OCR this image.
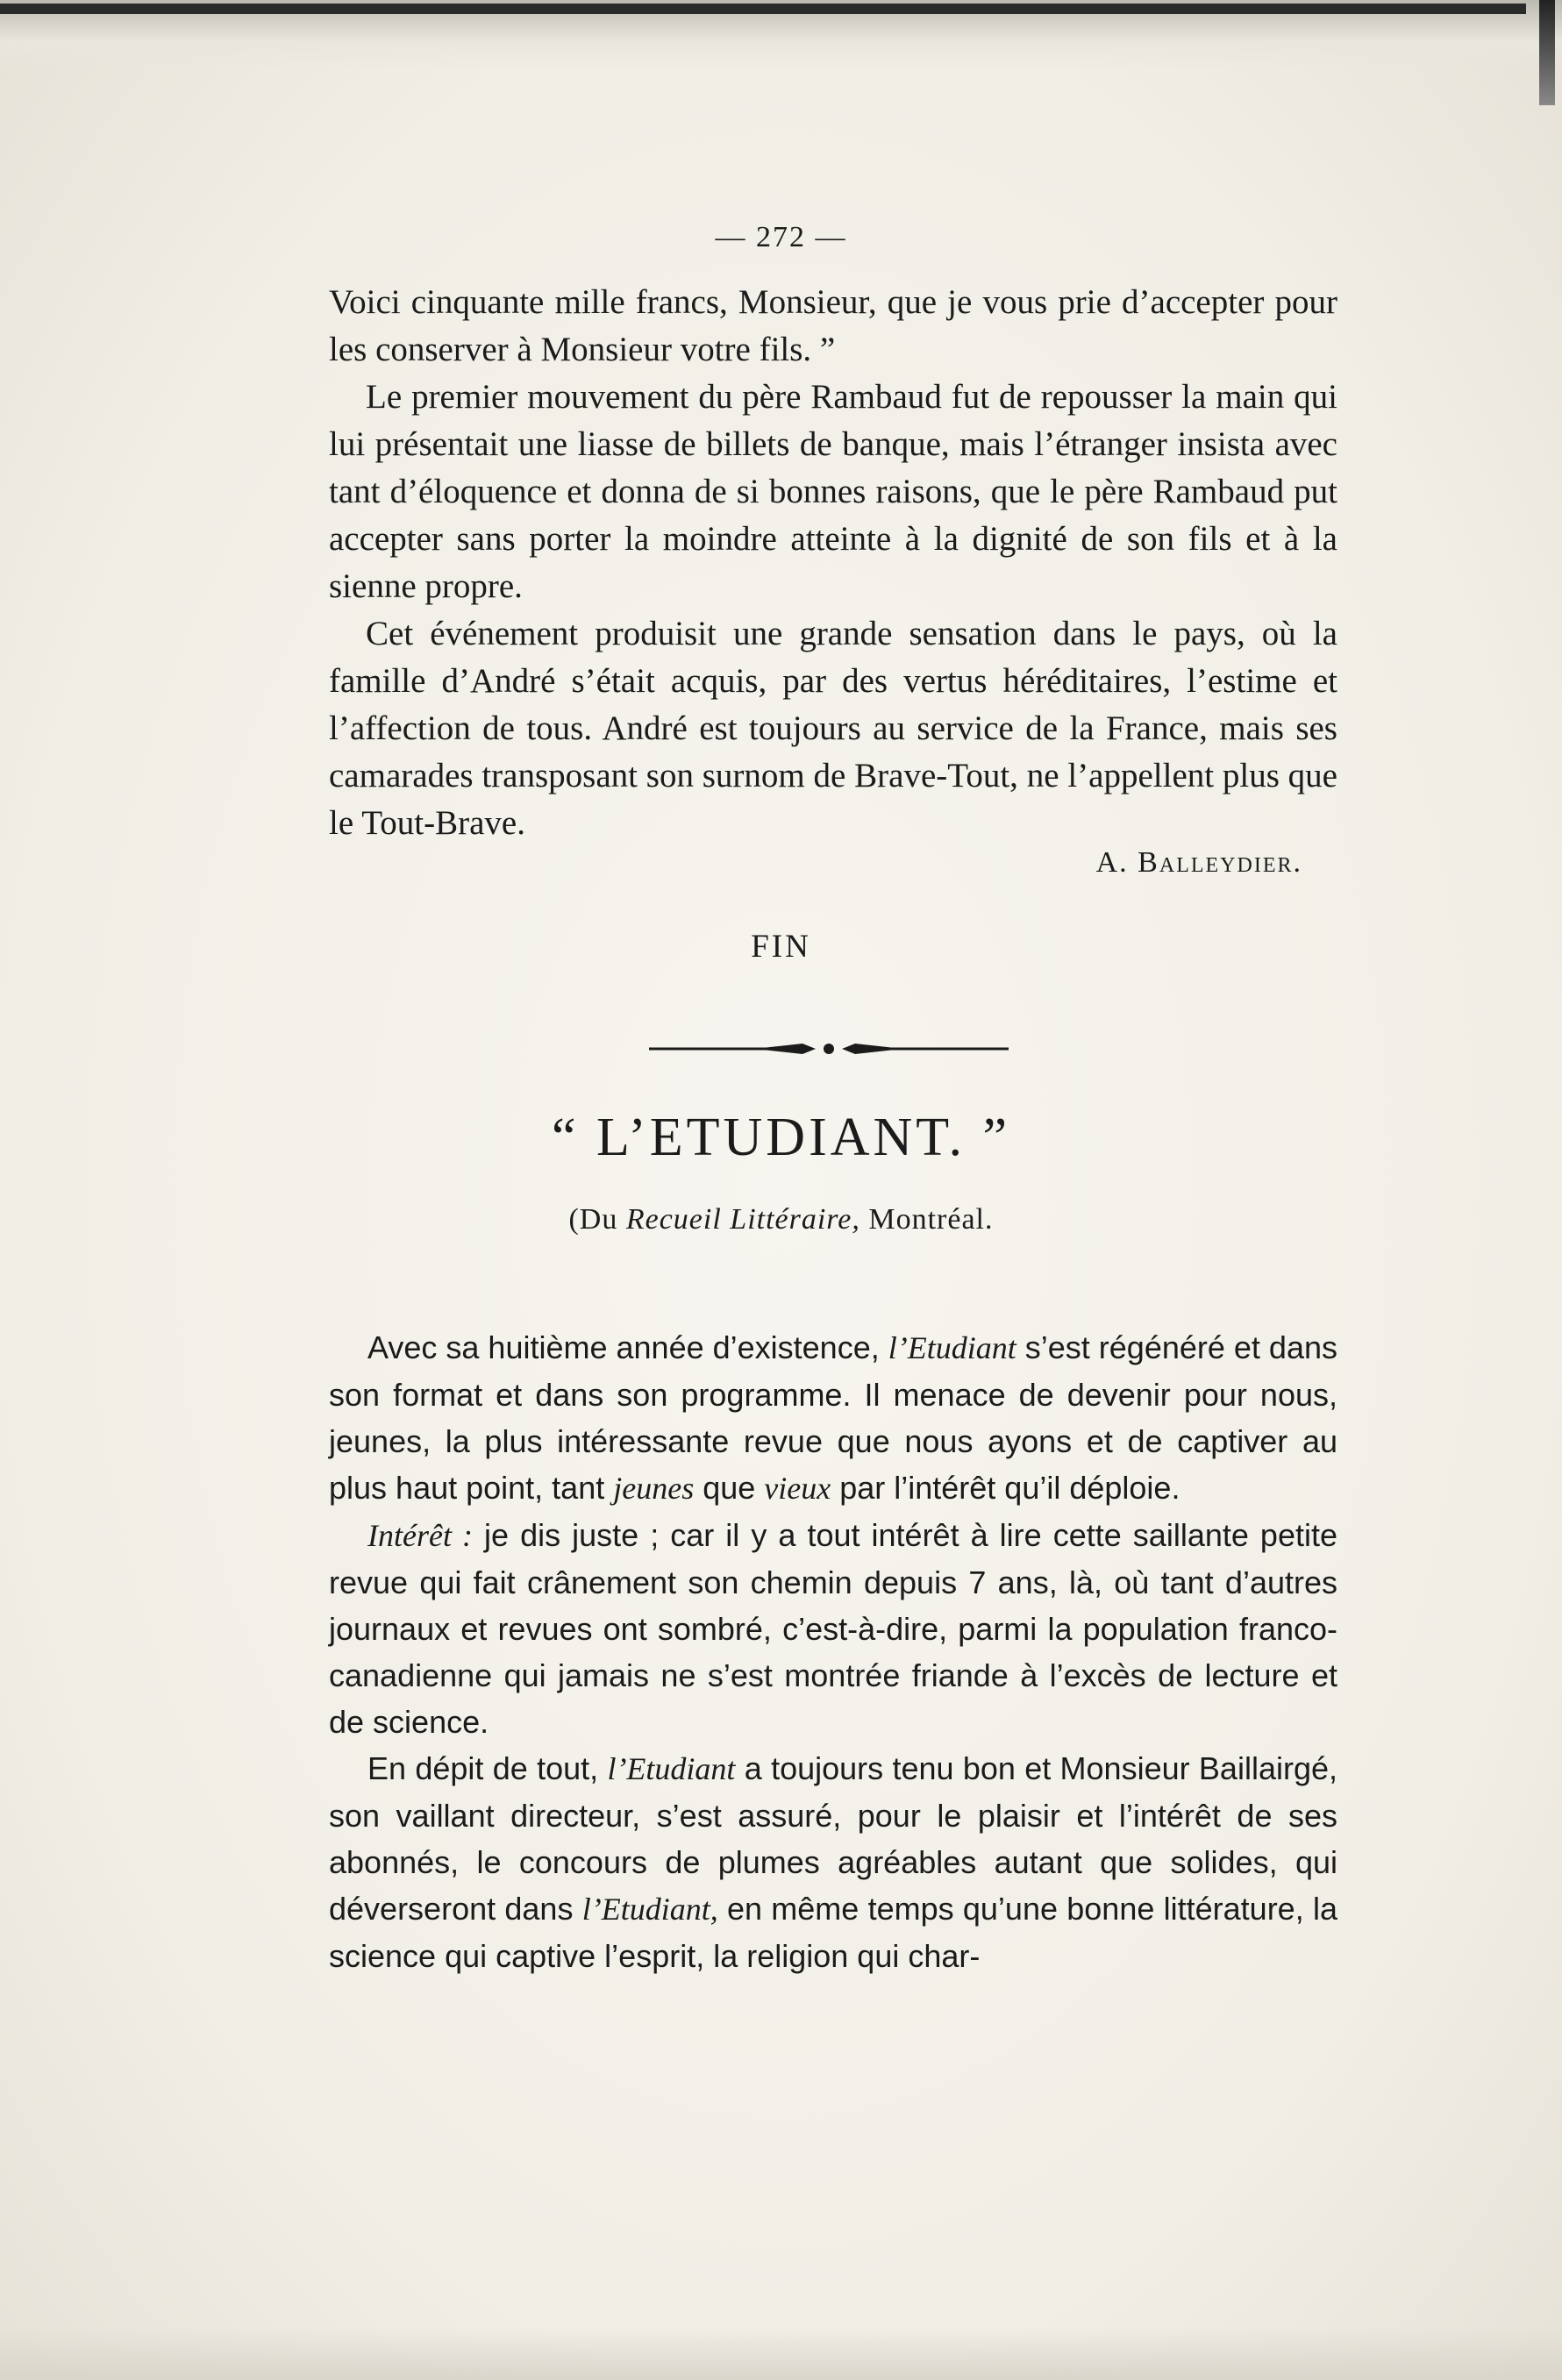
— 272 —

Voici cinquante mille francs, Monsieur, que je vous prie d’accepter pour les conserver à Monsieur votre fils. ”

Le premier mouvement du père Rambaud fut de repousser la main qui lui présentait une liasse de billets de banque, mais l’étranger insista avec tant d’éloquence et donna de si bonnes raisons, que le père Rambaud put accepter sans porter la moindre atteinte à la dignité de son fils et à la sienne propre.

Cet événement produisit une grande sensation dans le pays, où la famille d’André s’était acquis, par des vertus héréditaires, l’estime et l’affection de tous. André est toujours au service de la France, mais ses camarades transposant son surnom de Brave-Tout, ne l’appellent plus que le Tout-Brave.

A. Balleydier.
FIN
“ L’ETUDIANT. ”
(Du Recueil Littéraire, Montréal.

Avec sa huitième année d’existence, l’Etudiant s’est régénéré et dans son format et dans son programme. Il menace de devenir pour nous, jeunes, la plus intéressante revue que nous ayons et de captiver au plus haut point, tant jeunes que vieux par l’intérêt qu’il déploie.

Intérêt : je dis juste ; car il y a tout intérêt à lire cette saillante petite revue qui fait crânement son chemin depuis 7 ans, là, où tant d’autres journaux et revues ont sombré, c’est-à-dire, parmi la population franco-canadienne qui jamais ne s’est montrée friande à l’excès de lecture et de science.

En dépit de tout, l’Etudiant a toujours tenu bon et Monsieur Baillairgé, son vaillant directeur, s’est assuré, pour le plaisir et l’intérêt de ses abonnés, le concours de plumes agréables autant que solides, qui déverseront dans l’Etudiant, en même temps qu’une bonne littérature, la science qui captive l’esprit, la religion qui char-
